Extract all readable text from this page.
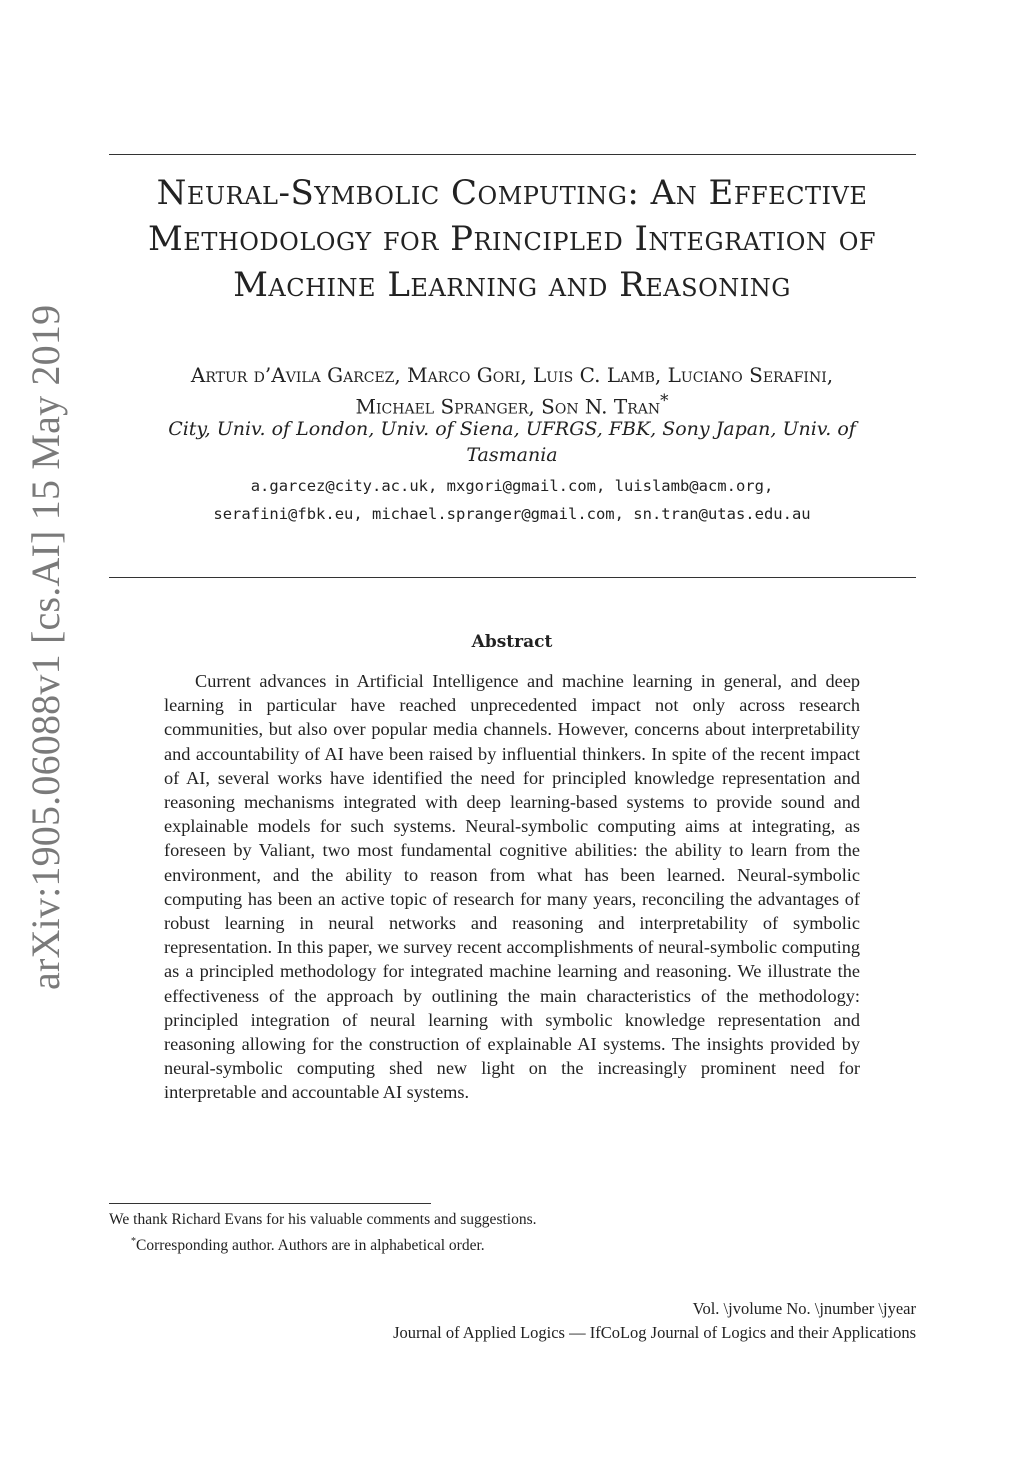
arXiv:1905.06088v1 [cs.AI] 15 May 2019
Neural-Symbolic Computing: An Effective
Methodology for Principled Integration of
Machine Learning and Reasoning
Artur d’Avila Garcez, Marco Gori, Luis C. Lamb, Luciano Serafini,
Michael Spranger, Son N. Tran*
City, Univ. of London, Univ. of Siena, UFRGS, FBK, Sony Japan, Univ. of
Tasmania
a.garcez@city.ac.uk, mxgori@gmail.com, luislamb@acm.org,
serafini@fbk.eu, michael.spranger@gmail.com, sn.tran@utas.edu.au
Abstract
Current advances in Artificial Intelligence and machine learning in general, and deep learning in particular have reached unprecedented impact not only across research communities, but also over popular media channels. However, concerns about interpretability and accountability of AI have been raised by influential thinkers. In spite of the recent impact of AI, several works have identified the need for principled knowledge representation and reasoning mechanisms integrated with deep learning-based systems to provide sound and explainable models for such systems. Neural-symbolic computing aims at integrating, as foreseen by Valiant, two most fundamental cognitive abilities: the ability to learn from the environment, and the ability to reason from what has been learned. Neural-symbolic computing has been an active topic of research for many years, reconciling the advantages of robust learning in neural networks and reasoning and interpretability of symbolic representation. In this paper, we survey recent accomplishments of neural-symbolic computing as a principled methodology for integrated machine learning and reasoning. We illustrate the effectiveness of the approach by outlining the main characteristics of the methodology: principled integration of neural learning with symbolic knowledge representation and reasoning allowing for the construction of explainable AI systems. The insights provided by neural-symbolic computing shed new light on the increasingly prominent need for interpretable and accountable AI systems.
We thank Richard Evans for his valuable comments and suggestions.
*Corresponding author. Authors are in alphabetical order.
Vol. \jvolume No. \jnumber \jyear
Journal of Applied Logics — IfCoLog Journal of Logics and their Applications
